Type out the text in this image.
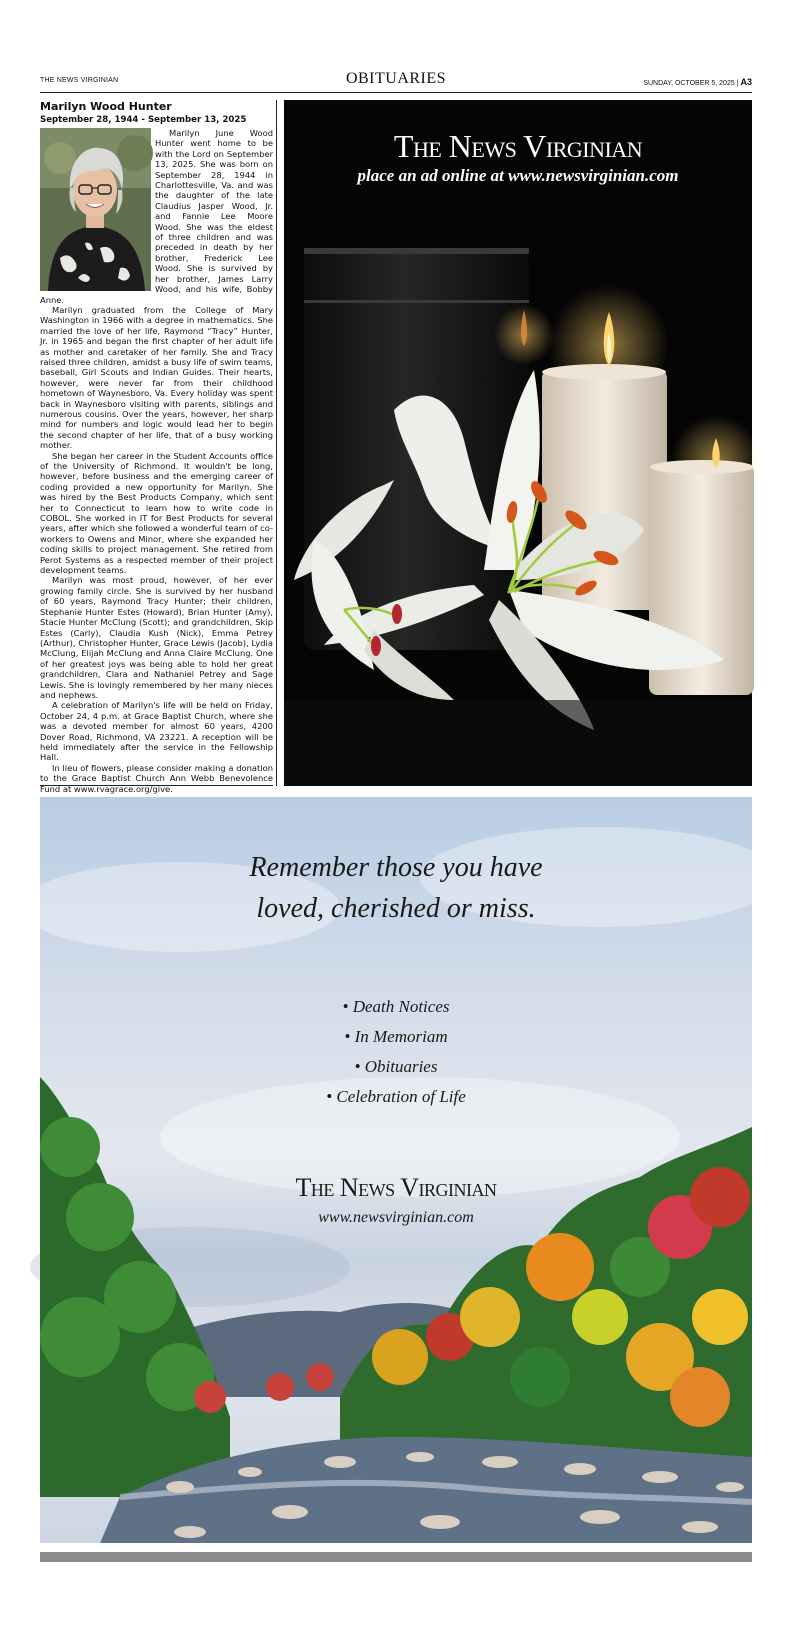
THE NEWS VIRGINIAN	OBITUARIES	SUNDAY, OCTOBER 5, 2025 | A3
Marilyn Wood Hunter
September 28, 1944 - September 13, 2025

Marilyn June Wood Hunter went home to be with the Lord on September 13, 2025. She was born on September 28, 1944 in Charlottesville, Va. and was the daughter of the late Claudius Jasper Wood, Jr. and Fannie Lee Moore Wood. She was the eldest of three children and was preceded in death by her brother, Frederick Lee Wood. She is survived by her brother, James Larry Wood, and his wife, Bobby Anne.

Marilyn graduated from the College of Mary Washington in 1966 with a degree in mathematics. She married the love of her life, Raymond “Tracy” Hunter, Jr. in 1965 and began the first chapter of her adult life as mother and caretaker of her family. She and Tracy raised three children, amidst a busy life of swim teams, baseball, Girl Scouts and Indian Guides. Their hearts, however, were never far from their childhood hometown of Waynesboro, Va. Every holiday was spent back in Waynesboro visiting with parents, siblings and numerous cousins. Over the years, however, her sharp mind for numbers and logic would lead her to begin the second chapter of her life, that of a busy working mother.

She began her career in the Student Accounts office of the University of Richmond. It wouldn't be long, however, before business and the emerging career of coding provided a new opportunity for Marilyn. She was hired by the Best Products Company, which sent her to Connecticut to learn how to write code in COBOL. She worked in IT for Best Products for several years, after which she followed a wonderful team of co-workers to Owens and Minor, where she expanded her coding skills to project management. She retired from Perot Systems as a respected member of their project development teams.

Marilyn was most proud, however, of her ever growing family circle. She is survived by her husband of 60 years, Raymond Tracy Hunter; their children, Stephanie Hunter Estes (Howard), Brian Hunter (Amy), Stacie Hunter McClung (Scott); and grandchildren, Skip Estes (Carly), Claudia Kush (Nick), Emma Petrey (Arthur), Christopher Hunter, Grace Lewis (Jacob), Lydia McClung, Elijah McClung and Anna Claire McClung. One of her greatest joys was being able to hold her great grandchildren, Clara and Nathaniel Petrey and Sage Lewis. She is lovingly remembered by her many nieces and nephews.

A celebration of Marilyn's life will be held on Friday, October 24, 4 p.m. at Grace Baptist Church, where she was a devoted member for almost 60 years, 4200 Dover Road, Richmond, VA 23221. A reception will be held immediately after the service in the Fellowship Hall.

In lieu of flowers, please consider making a donation to the Grace Baptist Church Ann Webb Benevolence Fund at www.rvagrace.org/give.

The News Virginian
place an ad online at www.newsvirginian.com
Remember those you have
loved, cherished or miss.
• Death Notices
• In Memoriam
• Obituaries
• Celebration of Life
The News Virginian
www.newsvirginian.com
